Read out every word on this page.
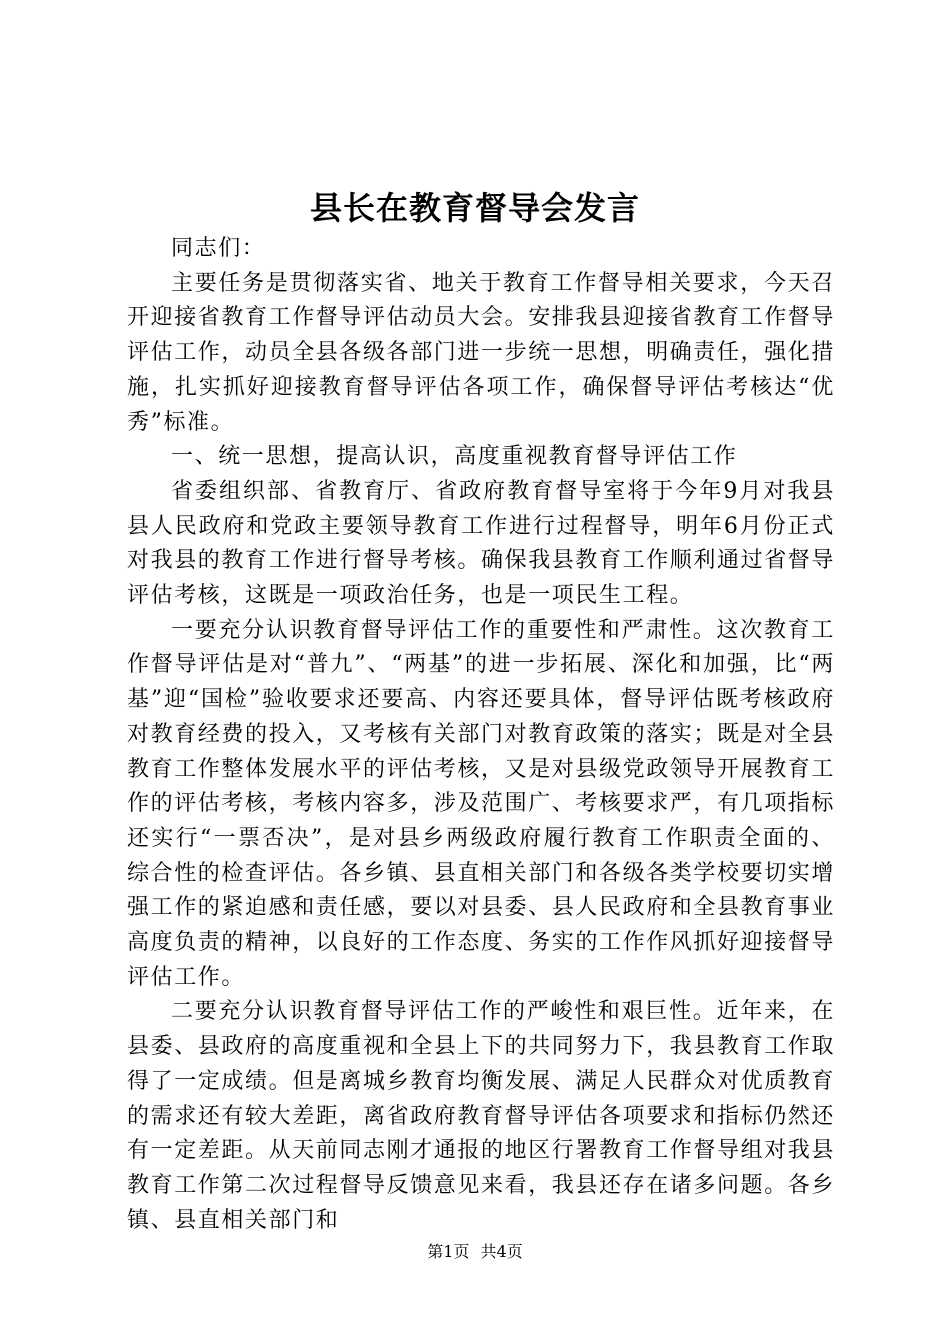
县长在教育督导会发言

同志们：

主要任务是贯彻落实省、地关于教育工作督导相关要求，今天召开迎接省教育工作督导评估动员大会。安排我县迎接省教育工作督导评估工作，动员全县各级各部门进一步统一思想，明确责任，强化措施，扎实抓好迎接教育督导评估各项工作，确保督导评估考核达“优秀”标准。

一、统一思想，提高认识，高度重视教育督导评估工作

省委组织部、省教育厅、省政府教育督导室将于今年9月对我县县人民政府和党政主要领导教育工作进行过程督导，明年6月份正式对我县的教育工作进行督导考核。确保我县教育工作顺利通过省督导评估考核，这既是一项政治任务，也是一项民生工程。

一要充分认识教育督导评估工作的重要性和严肃性。这次教育工作督导评估是对“普九”、“两基”的进一步拓展、深化和加强，比“两基”迎“国检”验收要求还要高、内容还要具体，督导评估既考核政府对教育经费的投入，又考核有关部门对教育政策的落实；既是对全县教育工作整体发展水平的评估考核，又是对县级党政领导开展教育工作的评估考核，考核内容多，涉及范围广、考核要求严，有几项指标还实行“一票否决”，是对县乡两级政府履行教育工作职责全面的、综合性的检查评估。各乡镇、县直相关部门和各级各类学校要切实增强工作的紧迫感和责任感，要以对县委、县人民政府和全县教育事业高度负责的精神，以良好的工作态度、务实的工作作风抓好迎接督导评估工作。

二要充分认识教育督导评估工作的严峻性和艰巨性。近年来，在县委、县政府的高度重视和全县上下的共同努力下，我县教育工作取得了一定成绩。但是离城乡教育均衡发展、满足人民群众对优质教育的需求还有较大差距，离省政府教育督导评估各项要求和指标仍然还有一定差距。从天前同志刚才通报的地区行署教育工作督导组对我县教育工作第二次过程督导反馈意见来看，我县还存在诸多问题。各乡镇、县直相关部门和

第1页 共4页
